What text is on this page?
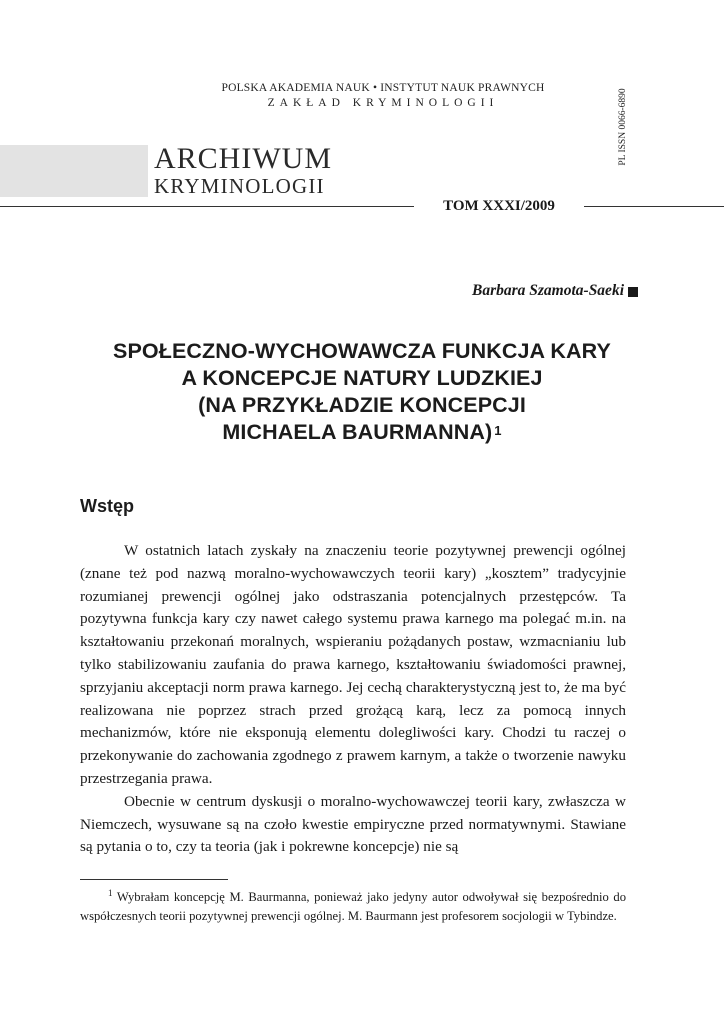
POLSKA AKADEMIA NAUK • INSTYTUT NAUK PRAWNYCH
ZAKŁAD KRYMINOLOGII	PL ISSN 0066-6890
ARCHIWUM
KRYMINOLOGII
TOM XXXI/2009
Barbara Szamota-Saeki
SPOŁECZNO-WYCHOWAWCZA FUNKCJA KARY
A KONCEPCJE NATURY LUDZKIEJ
(NA PRZYKŁADZIE KONCEPCJI
MICHAELA BAURMANNA) $^1$
Wstęp

W ostatnich latach zyskały na znaczeniu teorie pozytywnej prewencji ogólnej (znane też pod nazwą moralno-wychowawczych teorii kary) „kosztem” tradycyjnie rozumianej prewencji ogólnej jako odstraszania potencjalnych przestępców. Ta pozytywna funkcja kary czy nawet całego systemu prawa karnego ma polegać m.in. na kształtowaniu przekonań moralnych, wspieraniu pożądanych postaw, wzmacnianiu lub tylko stabilizowaniu zaufania do prawa karnego, kształtowaniu świadomości prawnej, sprzyjaniu akceptacji norm prawa karnego. Jej cechą charakterystyczną jest to, że ma być realizowana nie poprzez strach przed grożącą karą, lecz za pomocą innych mechanizmów, które nie eksponują elementu dolegliwości kary. Chodzi tu raczej o przekonywanie do zachowania zgodnego z prawem karnym, a także o tworzenie nawyku przestrzegania prawa.

Obecnie w centrum dyskusji o moralno-wychowawczej teorii kary, zwłaszcza w Niemczech, wysuwane są na czoło kwestie empiryczne przed normatywnymi. Stawiane są pytania o to, czy ta teoria (jak i pokrewne koncepcje) nie są

$^1$ Wybrałam koncepcję M. Baurmanna, ponieważ jako jedyny autor odwoływał się bezpośrednio do współczesnych teorii pozytywnej prewencji ogólnej. M. Baurmann jest profesorem socjologii w Tybindze.
